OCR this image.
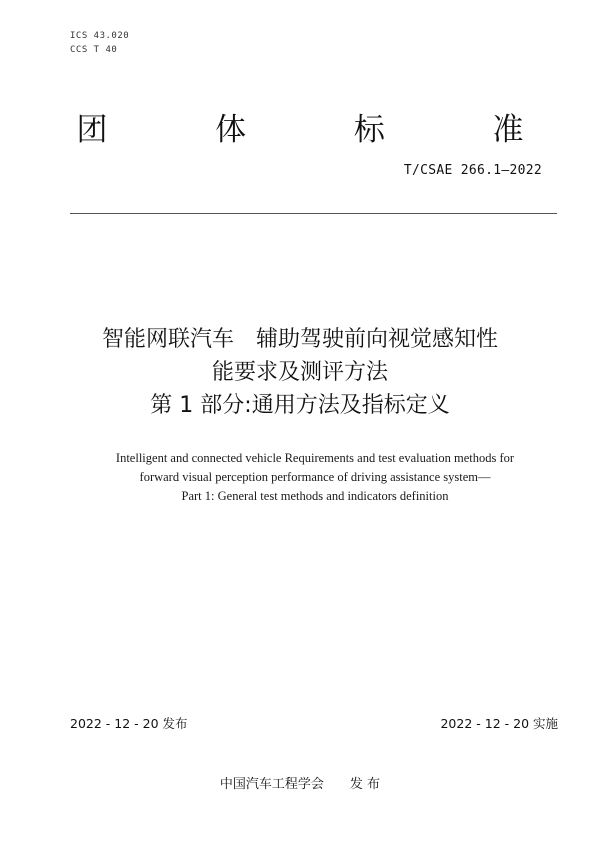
ICS 43.020
CCS T 40
团	体	标	准
T/CSAE 266.1—2022
智能网联汽车　辅助驾驶前向视觉感知性
能要求及测评方法
第 1 部分:通用方法及指标定义
Intelligent and connected vehicle Requirements and test evaluation methods for
forward visual perception performance of driving assistance system—
Part 1: General test methods and indicators definition
2022 - 12 - 20 发布	2022 - 12 - 20 实施
中国汽车工程学会　　发 布
